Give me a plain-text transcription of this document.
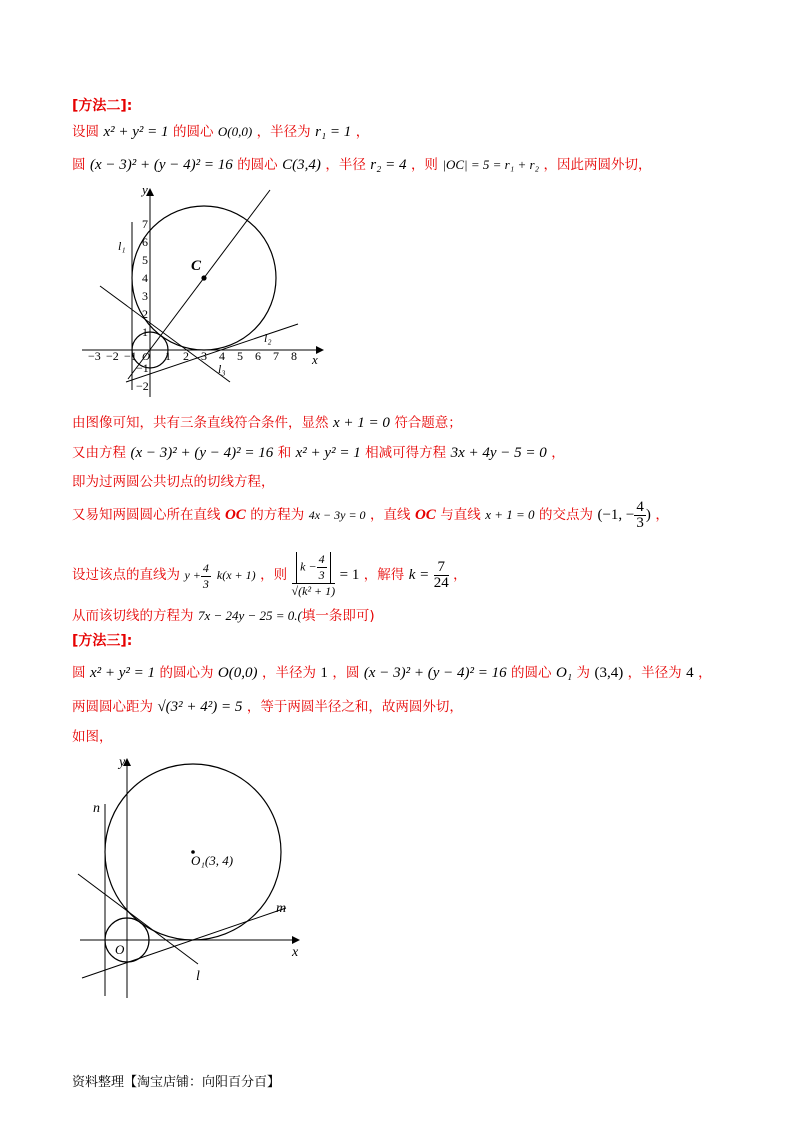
[方法二]:
设圆 x² + y² = 1 的圆心 O(0,0) ，半径为 r₁ = 1 ，
圆 (x − 3)² + (y − 4)² = 16 的圆心 C(3,4) ，半径 r₂ = 4 ，则 |OC| = 5 = r₁ + r₂ ，因此两圆外切，
y
x
C
O
l₁
l₂
l₃
−3 −2 −1 1 2 3 4 5 6 7 8
7
6
5
4
3
2
1
−1
−2
由图像可知，共有三条直线符合条件，显然 x + 1 = 0 符合题意；
又由方程 (x − 3)² + (y − 4)² = 16 和 x² + y² = 1 相减可得方程 3x + 4y − 5 = 0 ，
即为过两圆公共切点的切线方程，
又易知两圆圆心所在直线 OC 的方程为 4x − 3y = 0 ，直线 OC 与直线 x + 1 = 0 的交点为 (−1, − $\frac{4}{3}$ ) ，
设过该点的直线为 $y + \frac{4}{3} k(x + 1)$ ，则 $\frac{k - \frac{4}{3}}{\text{√(k² + 1)}} = 1$ ，解得 $k = \frac{7}{24}$ ，
从而该切线的方程为 7x − 24y − 25 = 0.(填一条即可)
[方法三]:
圆 x² + y² = 1 的圆心为 O(0,0) ，半径为 1 ，圆 (x − 3)² + (y − 4)² = 16 的圆心 O₁ 为 (3,4) ，半径为 4 ，
两圆圆心距为 √(3² + 4²) = 5 ，等于两圆半径之和，故两圆外切，
如图，
y
x
O
O₁(3, 4)
n
m
l
资料整理【淘宝店铺：向阳百分百】
